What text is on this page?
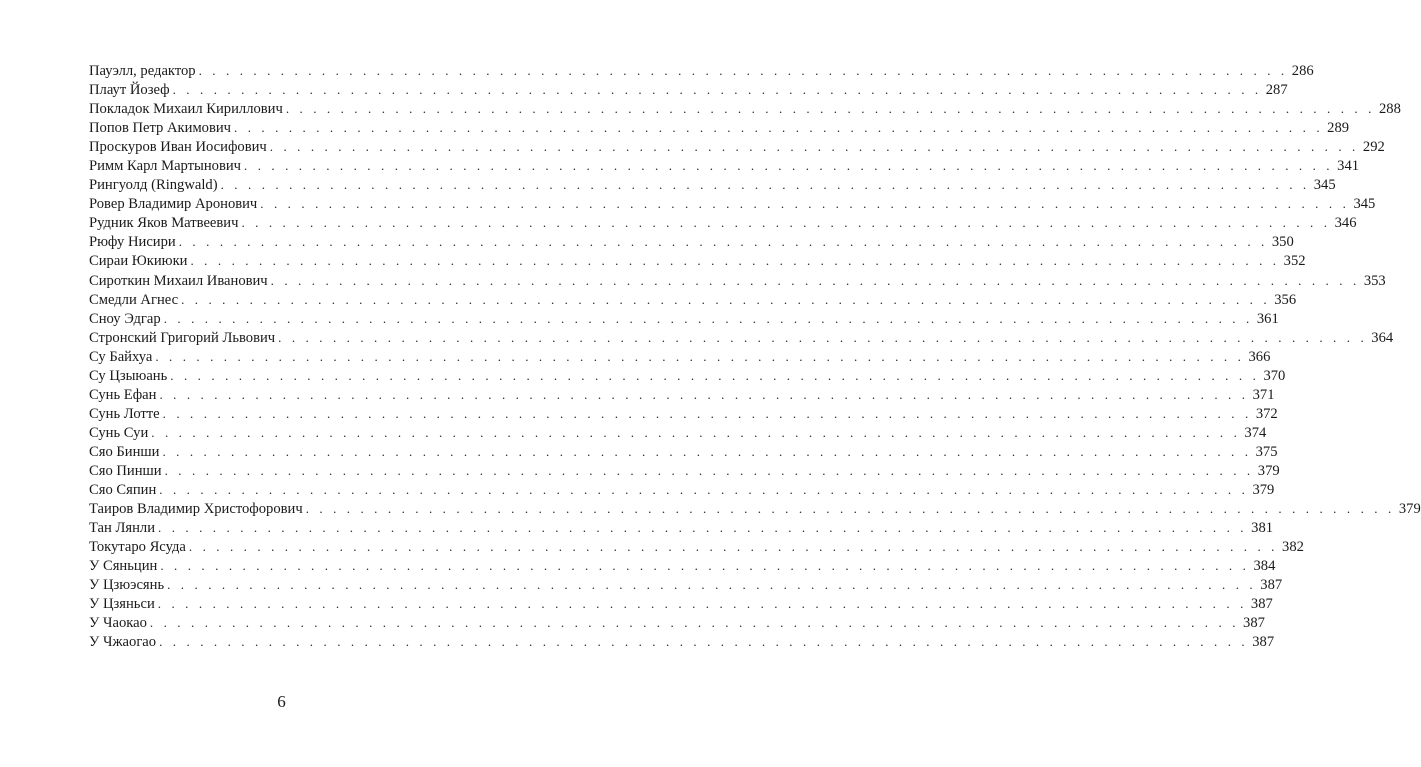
Пауэлл, редактор . . . . . . . . . . . . . . . . . . . . . . . . . . . . . . . . . . . . . . . . . . . . . . . . . . . . . . . . . . . . . . . . . . . . . . . . . . . . . . . . 286
Плаут Йозеф . . . . . . . . . . . . . . . . . . . . . . . . . . . . . . . . . . . . . . . . . . . . . . . . . . . . . . . . . . . . . . . . . . . . . . . . . . . . . . . . 287
Покладок Михаил Кириллович . . . . . . . . . . . . . . . . . . . . . . . . . . . . . . . . . . . . . . . . . . . . . . . . . . . . . . . . . . . . . . . . . . . . . . . . . . . . . . . . 288
Попов Петр Акимович . . . . . . . . . . . . . . . . . . . . . . . . . . . . . . . . . . . . . . . . . . . . . . . . . . . . . . . . . . . . . . . . . . . . . . . . . . . . . . . . 289
Проскуров Иван Иосифович . . . . . . . . . . . . . . . . . . . . . . . . . . . . . . . . . . . . . . . . . . . . . . . . . . . . . . . . . . . . . . . . . . . . . . . . . . . . . . . . 292
Римм Карл Мартынович . . . . . . . . . . . . . . . . . . . . . . . . . . . . . . . . . . . . . . . . . . . . . . . . . . . . . . . . . . . . . . . . . . . . . . . . . . . . . . . . 341
Рингуолд (Ringwald) . . . . . . . . . . . . . . . . . . . . . . . . . . . . . . . . . . . . . . . . . . . . . . . . . . . . . . . . . . . . . . . . . . . . . . . . . . . . . . . . 345
Ровер Владимир Аронович . . . . . . . . . . . . . . . . . . . . . . . . . . . . . . . . . . . . . . . . . . . . . . . . . . . . . . . . . . . . . . . . . . . . . . . . . . . . . . . . 345
Рудник Яков Матвеевич . . . . . . . . . . . . . . . . . . . . . . . . . . . . . . . . . . . . . . . . . . . . . . . . . . . . . . . . . . . . . . . . . . . . . . . . . . . . . . . . 346
Рюфу Нисири . . . . . . . . . . . . . . . . . . . . . . . . . . . . . . . . . . . . . . . . . . . . . . . . . . . . . . . . . . . . . . . . . . . . . . . . . . . . . . . . 350
Сираи Юкиюки . . . . . . . . . . . . . . . . . . . . . . . . . . . . . . . . . . . . . . . . . . . . . . . . . . . . . . . . . . . . . . . . . . . . . . . . . . . . . . . . 352
Сироткин Михаил Иванович . . . . . . . . . . . . . . . . . . . . . . . . . . . . . . . . . . . . . . . . . . . . . . . . . . . . . . . . . . . . . . . . . . . . . . . . . . . . . . . . 353
Смедли Агнес . . . . . . . . . . . . . . . . . . . . . . . . . . . . . . . . . . . . . . . . . . . . . . . . . . . . . . . . . . . . . . . . . . . . . . . . . . . . . . . . 356
Сноу Эдгар . . . . . . . . . . . . . . . . . . . . . . . . . . . . . . . . . . . . . . . . . . . . . . . . . . . . . . . . . . . . . . . . . . . . . . . . . . . . . . . . 361
Стронский Григорий Львович . . . . . . . . . . . . . . . . . . . . . . . . . . . . . . . . . . . . . . . . . . . . . . . . . . . . . . . . . . . . . . . . . . . . . . . . . . . . . . . . 364
Су Байхуа . . . . . . . . . . . . . . . . . . . . . . . . . . . . . . . . . . . . . . . . . . . . . . . . . . . . . . . . . . . . . . . . . . . . . . . . . . . . . . . . 366
Су Цзыюань . . . . . . . . . . . . . . . . . . . . . . . . . . . . . . . . . . . . . . . . . . . . . . . . . . . . . . . . . . . . . . . . . . . . . . . . . . . . . . . . 370
Сунь Ефан . . . . . . . . . . . . . . . . . . . . . . . . . . . . . . . . . . . . . . . . . . . . . . . . . . . . . . . . . . . . . . . . . . . . . . . . . . . . . . . . 371
Сунь Лотте . . . . . . . . . . . . . . . . . . . . . . . . . . . . . . . . . . . . . . . . . . . . . . . . . . . . . . . . . . . . . . . . . . . . . . . . . . . . . . . . 372
Сунь Суи . . . . . . . . . . . . . . . . . . . . . . . . . . . . . . . . . . . . . . . . . . . . . . . . . . . . . . . . . . . . . . . . . . . . . . . . . . . . . . . . 374
Сяо Бинши . . . . . . . . . . . . . . . . . . . . . . . . . . . . . . . . . . . . . . . . . . . . . . . . . . . . . . . . . . . . . . . . . . . . . . . . . . . . . . . . 375
Сяо Пинши . . . . . . . . . . . . . . . . . . . . . . . . . . . . . . . . . . . . . . . . . . . . . . . . . . . . . . . . . . . . . . . . . . . . . . . . . . . . . . . . 379
Сяо Сяпин . . . . . . . . . . . . . . . . . . . . . . . . . . . . . . . . . . . . . . . . . . . . . . . . . . . . . . . . . . . . . . . . . . . . . . . . . . . . . . . . 379
Таиров Владимир Христофорович . . . . . . . . . . . . . . . . . . . . . . . . . . . . . . . . . . . . . . . . . . . . . . . . . . . . . . . . . . . . . . . . . . . . . . . . . . . . . . . . 379
Тан Лянли . . . . . . . . . . . . . . . . . . . . . . . . . . . . . . . . . . . . . . . . . . . . . . . . . . . . . . . . . . . . . . . . . . . . . . . . . . . . . . . . 381
Токутаро Ясуда . . . . . . . . . . . . . . . . . . . . . . . . . . . . . . . . . . . . . . . . . . . . . . . . . . . . . . . . . . . . . . . . . . . . . . . . . . . . . . . . 382
У Сяньцин . . . . . . . . . . . . . . . . . . . . . . . . . . . . . . . . . . . . . . . . . . . . . . . . . . . . . . . . . . . . . . . . . . . . . . . . . . . . . . . . 384
У Цзюэсянь . . . . . . . . . . . . . . . . . . . . . . . . . . . . . . . . . . . . . . . . . . . . . . . . . . . . . . . . . . . . . . . . . . . . . . . . . . . . . . . . 387
У Цзяньси . . . . . . . . . . . . . . . . . . . . . . . . . . . . . . . . . . . . . . . . . . . . . . . . . . . . . . . . . . . . . . . . . . . . . . . . . . . . . . . . 387
У Чаокао . . . . . . . . . . . . . . . . . . . . . . . . . . . . . . . . . . . . . . . . . . . . . . . . . . . . . . . . . . . . . . . . . . . . . . . . . . . . . . . . 387
У Чжаогао . . . . . . . . . . . . . . . . . . . . . . . . . . . . . . . . . . . . . . . . . . . . . . . . . . . . . . . . . . . . . . . . . . . . . . . . . . . . . . . . 387
6
